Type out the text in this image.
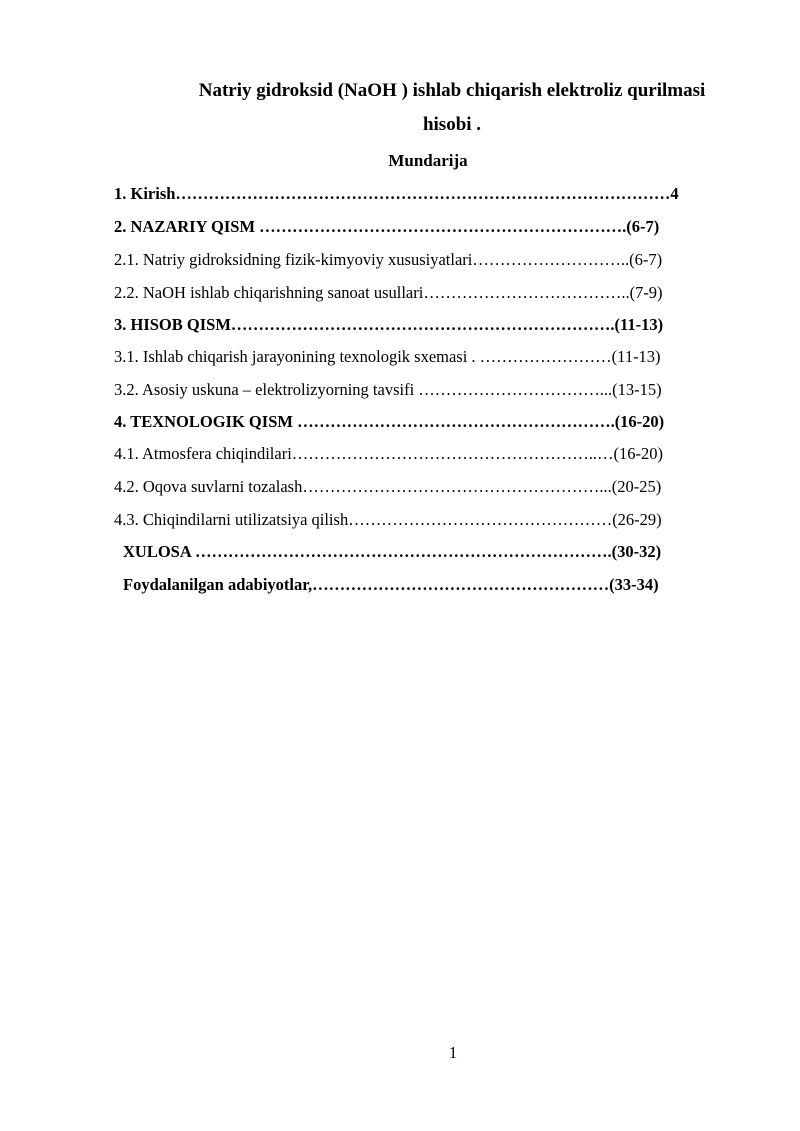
Natriy gidroksid (NaOH ) ishlab chiqarish elektroliz qurilmasi
hisobi .
Mundarija
1. Kirish………………………………………………………………………………4
2. NAZARIY QISM ………………………………………………………….(6-7)
2.1. Natriy gidroksidning fizik-kimyoviy xususiyatlari………………………..(6-7)
2.2. NaOH ishlab chiqarishning sanoat usullari………………………………..(7-9)
3. HISOB QISM…………………………………………………………….(11-13)
3.1. Ishlab chiqarish jarayonining texnologik sxemasi . ……………………(11-13)
3.2. Asosiy uskuna – elektrolizyorning tavsifi ……………………………...(13-15)
4. TEXNOLOGIK QISM ………………………………………………….(16-20)
4.1. Atmosfera chiqindilari………………………………………………..…(16-20)
4.2. Oqova suvlarni tozalash………………………………………………...(20-25)
4.3. Chiqindilarni utilizatsiya qilish…………………………………………(26-29)
XULOSA ………………………………………………………………….(30-32)
Foydalanilgan adabiyotlar,………………………………………………(33-34)
1
